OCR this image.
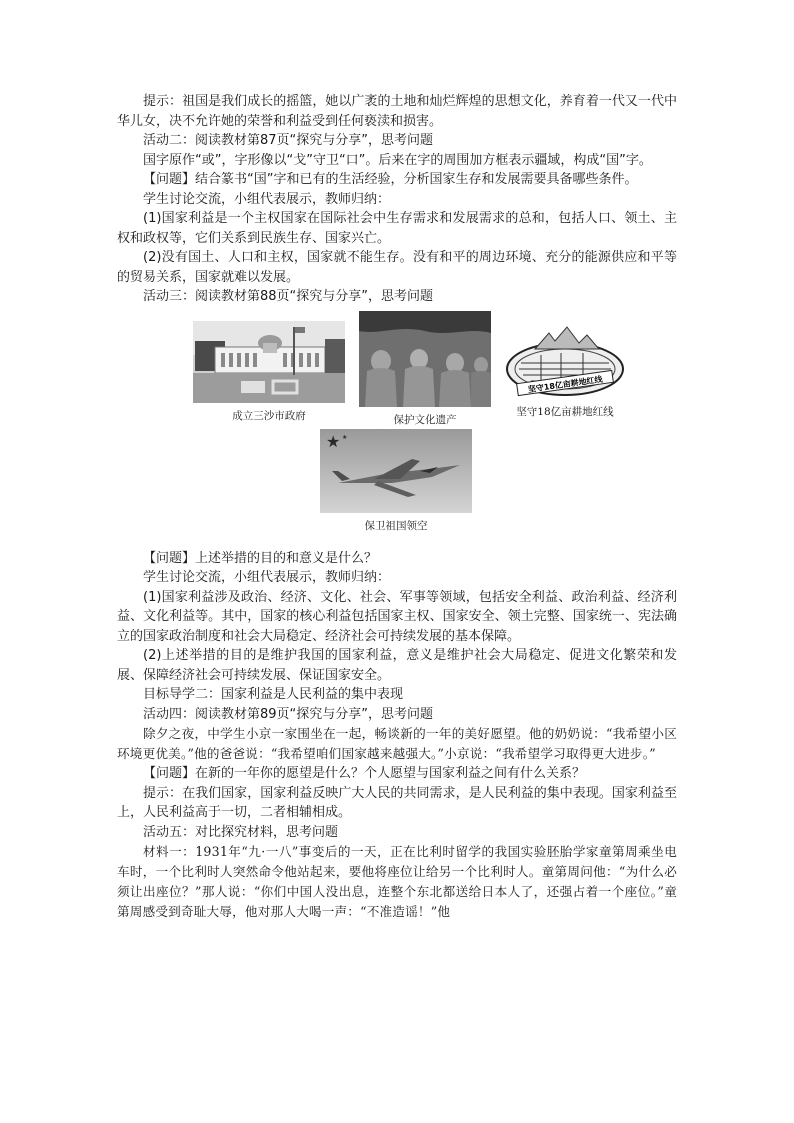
提示：祖国是我们成长的摇篮，她以广袤的土地和灿烂辉煌的思想文化，养育着一代又一代中华儿女，决不允许她的荣誉和利益受到任何亵渎和损害。

活动二：阅读教材第87页“探究与分享”，思考问题

国字原作“或”，字形像以“戈”守卫“口”。后来在字的周围加方框表示疆域，构成“国”字。

【问题】结合篆书“国”字和已有的生活经验，分析国家生存和发展需要具备哪些条件。

学生讨论交流，小组代表展示，教师归纳：

(1)国家利益是一个主权国家在国际社会中生存需求和发展需求的总和，包括人口、领土、主权和政权等，它们关系到民族生存、国家兴亡。

(2)没有国土、人口和主权，国家就不能生存。没有和平的周边环境、充分的能源供应和平等的贸易关系，国家就难以发展。

活动三：阅读教材第88页“探究与分享”，思考问题

成立三沙市政府	保护文化遗产
坚守18亿亩耕地红线
坚守18亿亩耕地红线
★ ★
保卫祖国领空

【问题】上述举措的目的和意义是什么？

学生讨论交流，小组代表展示，教师归纳：

(1)国家利益涉及政治、经济、文化、社会、军事等领域，包括安全利益、政治利益、经济利益、文化利益等。其中，国家的核心利益包括国家主权、国家安全、领土完整、国家统一、宪法确立的国家政治制度和社会大局稳定、经济社会可持续发展的基本保障。

(2)上述举措的目的是维护我国的国家利益，意义是维护社会大局稳定、促进文化繁荣和发展、保障经济社会可持续发展、保证国家安全。

目标导学二：国家利益是人民利益的集中表现

活动四：阅读教材第89页“探究与分享”，思考问题

除夕之夜，中学生小京一家围坐在一起，畅谈新的一年的美好愿望。他的奶奶说：“我希望小区环境更优美。”他的爸爸说：“我希望咱们国家越来越强大。”小京说：“我希望学习取得更大进步。”

【问题】在新的一年你的愿望是什么？个人愿望与国家利益之间有什么关系？

提示：在我们国家，国家利益反映广大人民的共同需求，是人民利益的集中表现。国家利益至上，人民利益高于一切，二者相辅相成。

活动五：对比探究材料，思考问题

材料一：1931年“九·一八”事变后的一天，正在比利时留学的我国实验胚胎学家童第周乘坐电车时，一个比利时人突然命令他站起来，要他将座位让给另一个比利时人。童第周问他：“为什么必须让出座位？”那人说：“你们中国人没出息，连整个东北都送给日本人了，还强占着一个座位。”童第周感受到奇耻大辱，他对那人大喝一声：“不准造谣！”他
